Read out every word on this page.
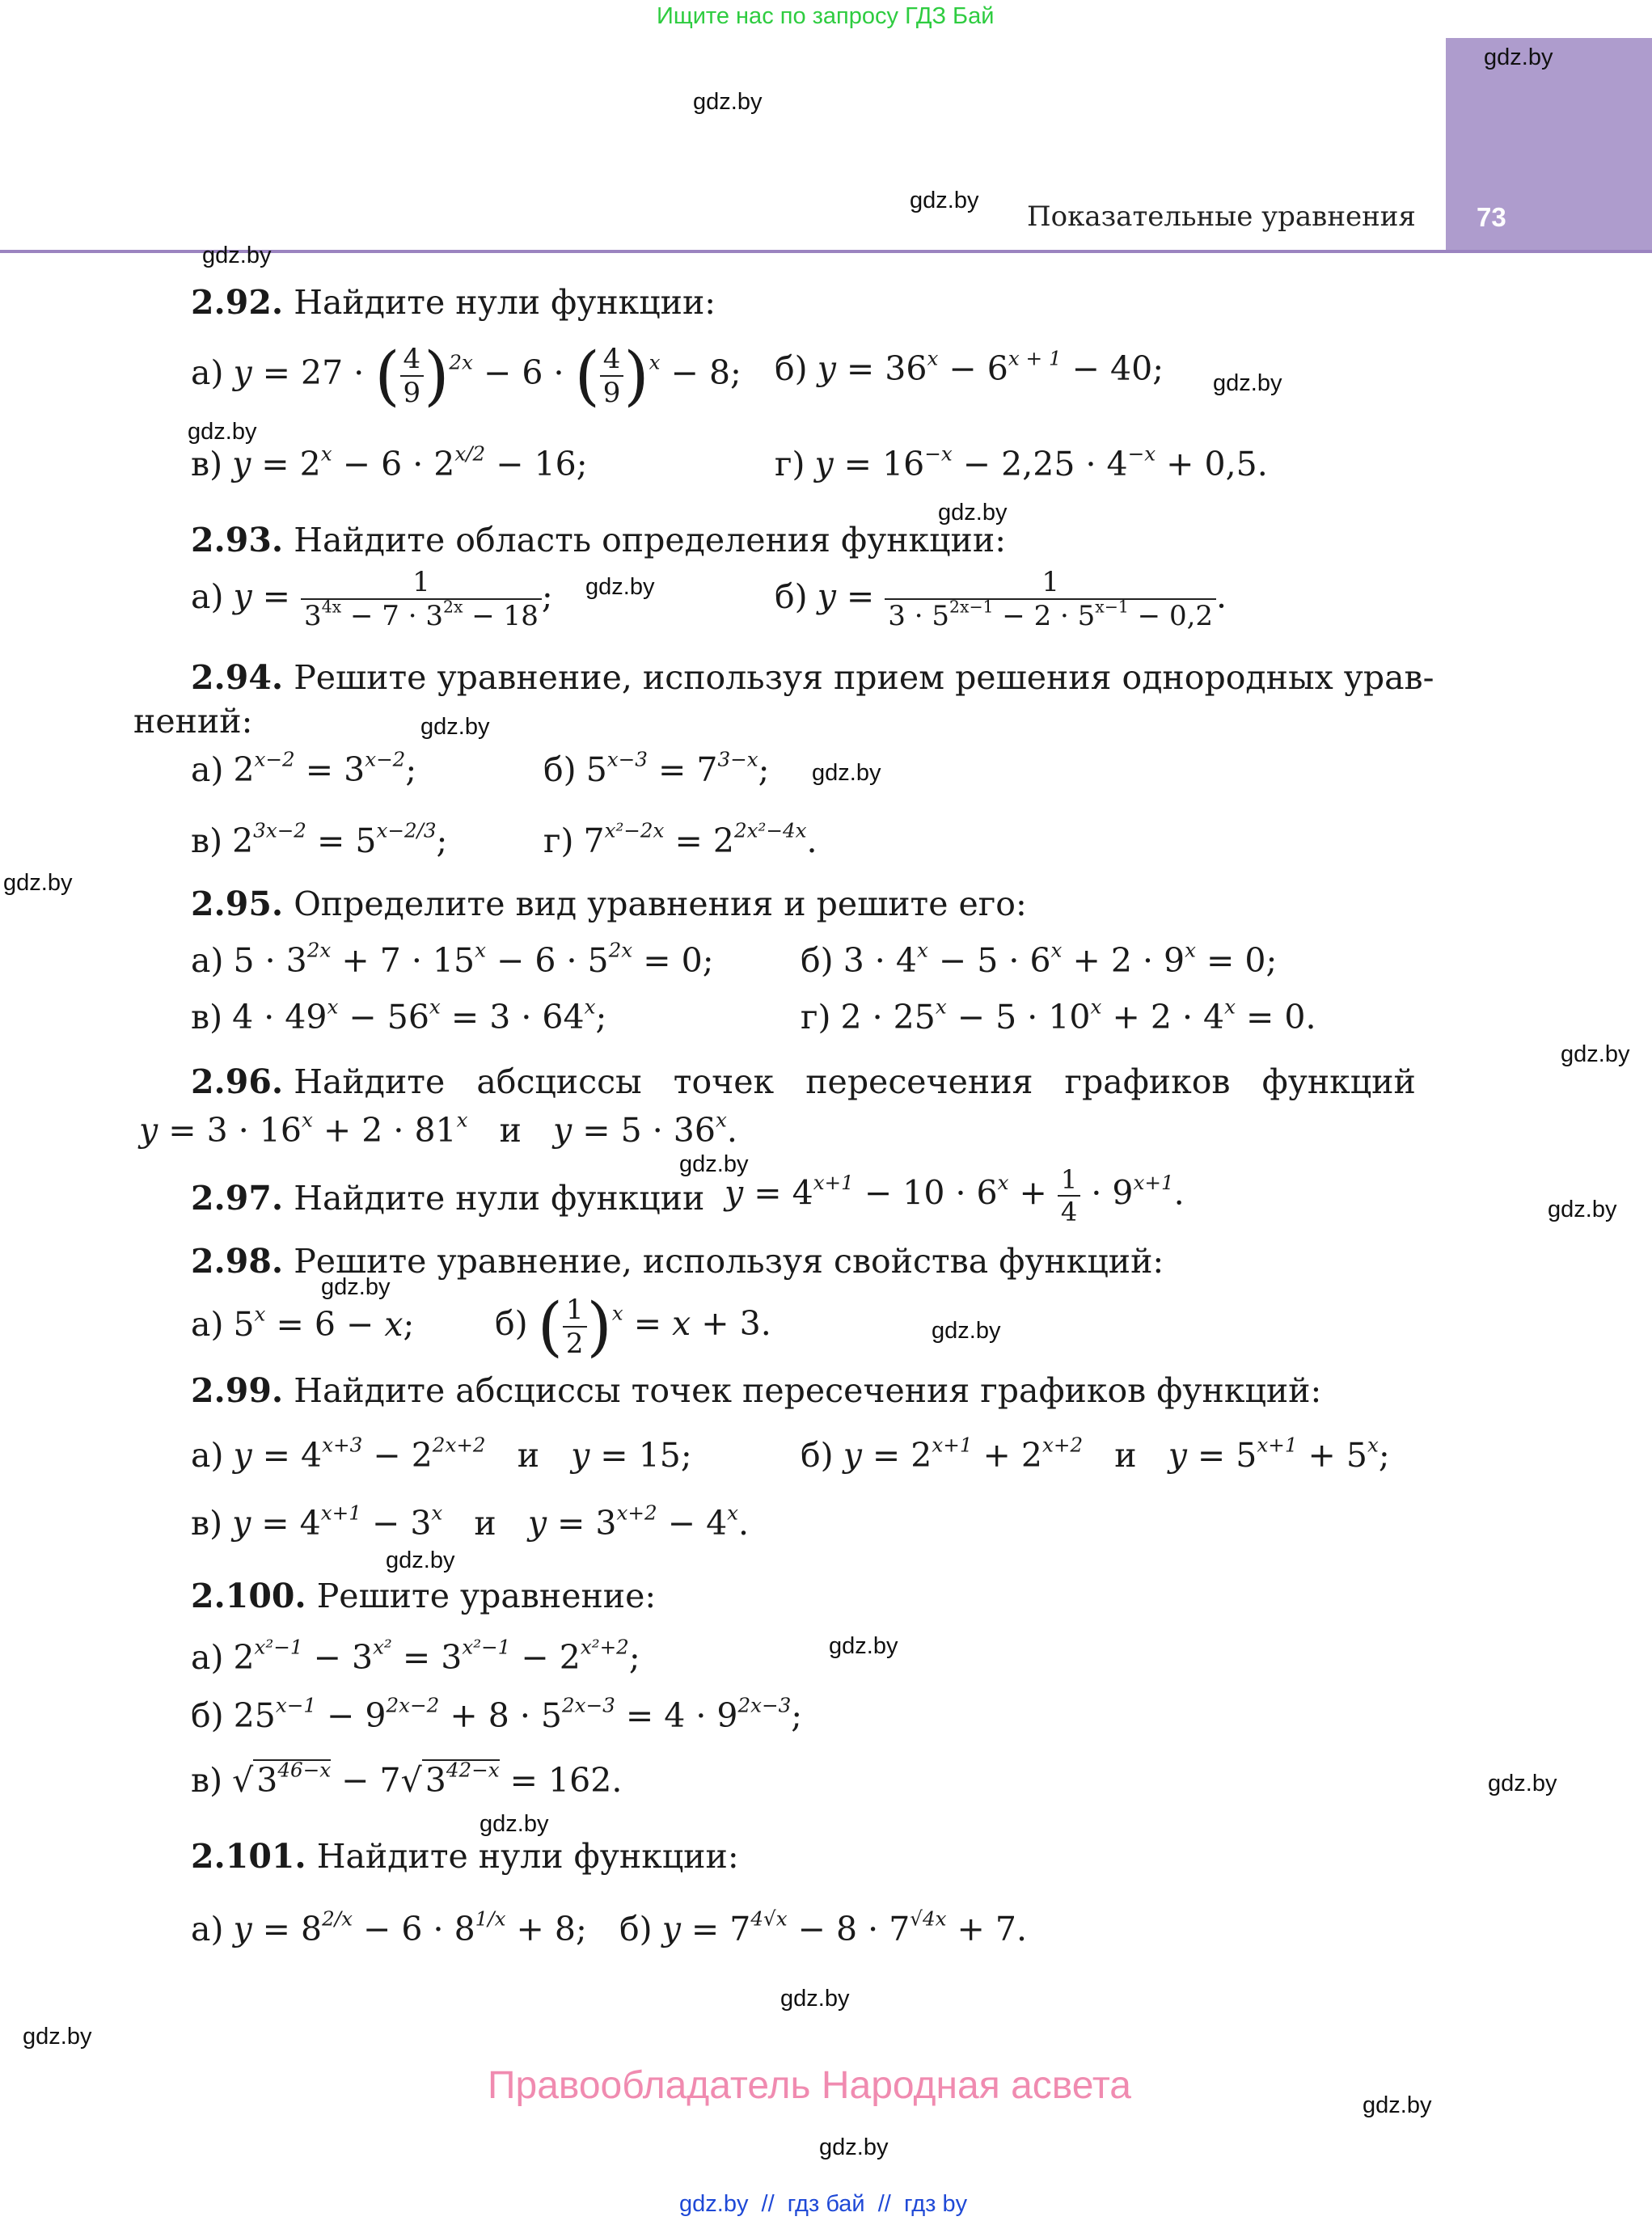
Ищите нас по запросу ГДЗ Бай
73
Показательные уравнения
gdz.by
gdz.by
gdz.by
gdz.by
gdz.by
gdz.by
gdz.by
gdz.by
gdz.by
gdz.by
gdz.by
gdz.by
gdz.by
gdz.by
gdz.by
gdz.by
gdz.by
gdz.by
gdz.by
gdz.by
gdz.by
gdz.by
gdz.by
gdz.by
2.92. Найдите нули функции:
а) y = 27 · ( $\frac{4}{9} )^{2x} - 6$ · ( $\frac{4}{9} )^x - 8$; б) $y = 36^x - 6^{x + 1} - 40$;
в) $y = 2^x - 6 \cdot 2^{x/2} - 16$;	г) $y = 16^{-x} - 2,25 \cdot 4^{-x} + 0,5$.
2.93. Найдите область определения функции:
а) $y = \frac{1}{3^{4x} - 7 \cdot 3^{2x} - 18}$ ;	б) $y = \frac{1}{3 \cdot 5^{2x-1} - 2 \cdot 5^{x-1} - 0,2}$ .
2.94. Решите уравнение, используя прием решения однородных урав-
нений:
а) $2^{x-2} = 3^{x-2}$;	б) $5^{x-3} = 7^{3-x}$;
в) $2^{3x-2} = 5^{x-2/3}$;	г) $7^{x^2-2x} = 2^{2x^2-4x}$.
2.95. Определите вид уравнения и решите его:
а) $5 \cdot 3^{2x} + 7 \cdot 15^x - 6 \cdot 5^{2x} = 0$;	б) $3 \cdot 4^x - 5 \cdot 6^x + 2 \cdot 9^x = 0$;
в) $4 \cdot 49^x - 56^x = 3 \cdot 64^x$;	г) $2 \cdot 25^x - 5 \cdot 10^x + 2 \cdot 4^x = 0$.
2.96. Найдите   абсциссы   точек   пересечения   графиков   функций
$y = 3 \cdot 16^x + 2 \cdot 81^x$ и   $y = 5 \cdot 36^x$.
2.97. Найдите нули функции $y = 4^{x+1} - 10 \cdot 6^x + \frac{1}{4} \cdot 9^{x+1}$.
2.98. Решите уравнение, используя свойства функций:
а) $5^x = 6 - x$; б) ( $\frac{1}{2} )^x = x + 3$.
2.99. Найдите абсциссы точек пересечения графиков функций:
а) $y = 4^{x+3} - 2^{2x+2}$ и   y = 15;	б) $y = 2^{x+1} + 2^{x+2}$ и   $y = 5^{x+1} + 5^x$;
в) $y = 4^{x+1} - 3^x$ и   $y = 3^{x+2} - 4^x$.
2.100. Решите уравнение:
а) $2^{x^2-1} - 3^{x^2} = 3^{x^2-1} - 2^{x^2+2}$;
б) $25^{x-1} - 9^{2x-2} + 8 \cdot 5^{2x-3} = 4 \cdot 9^{2x-3}$;
в) $√3^{46-x} - 7√3^{42-x} = 162$.
2.101. Найдите нули функции:
а) $y = 8^{2/x} - 6 \cdot 8^{1/x} + 8$; б) $y = 7^{4√x} - 8 \cdot 7^{√4x} + 7$.
Правообладатель Народная асвета
gdz.by  //  гдз бай  //  гдз by
